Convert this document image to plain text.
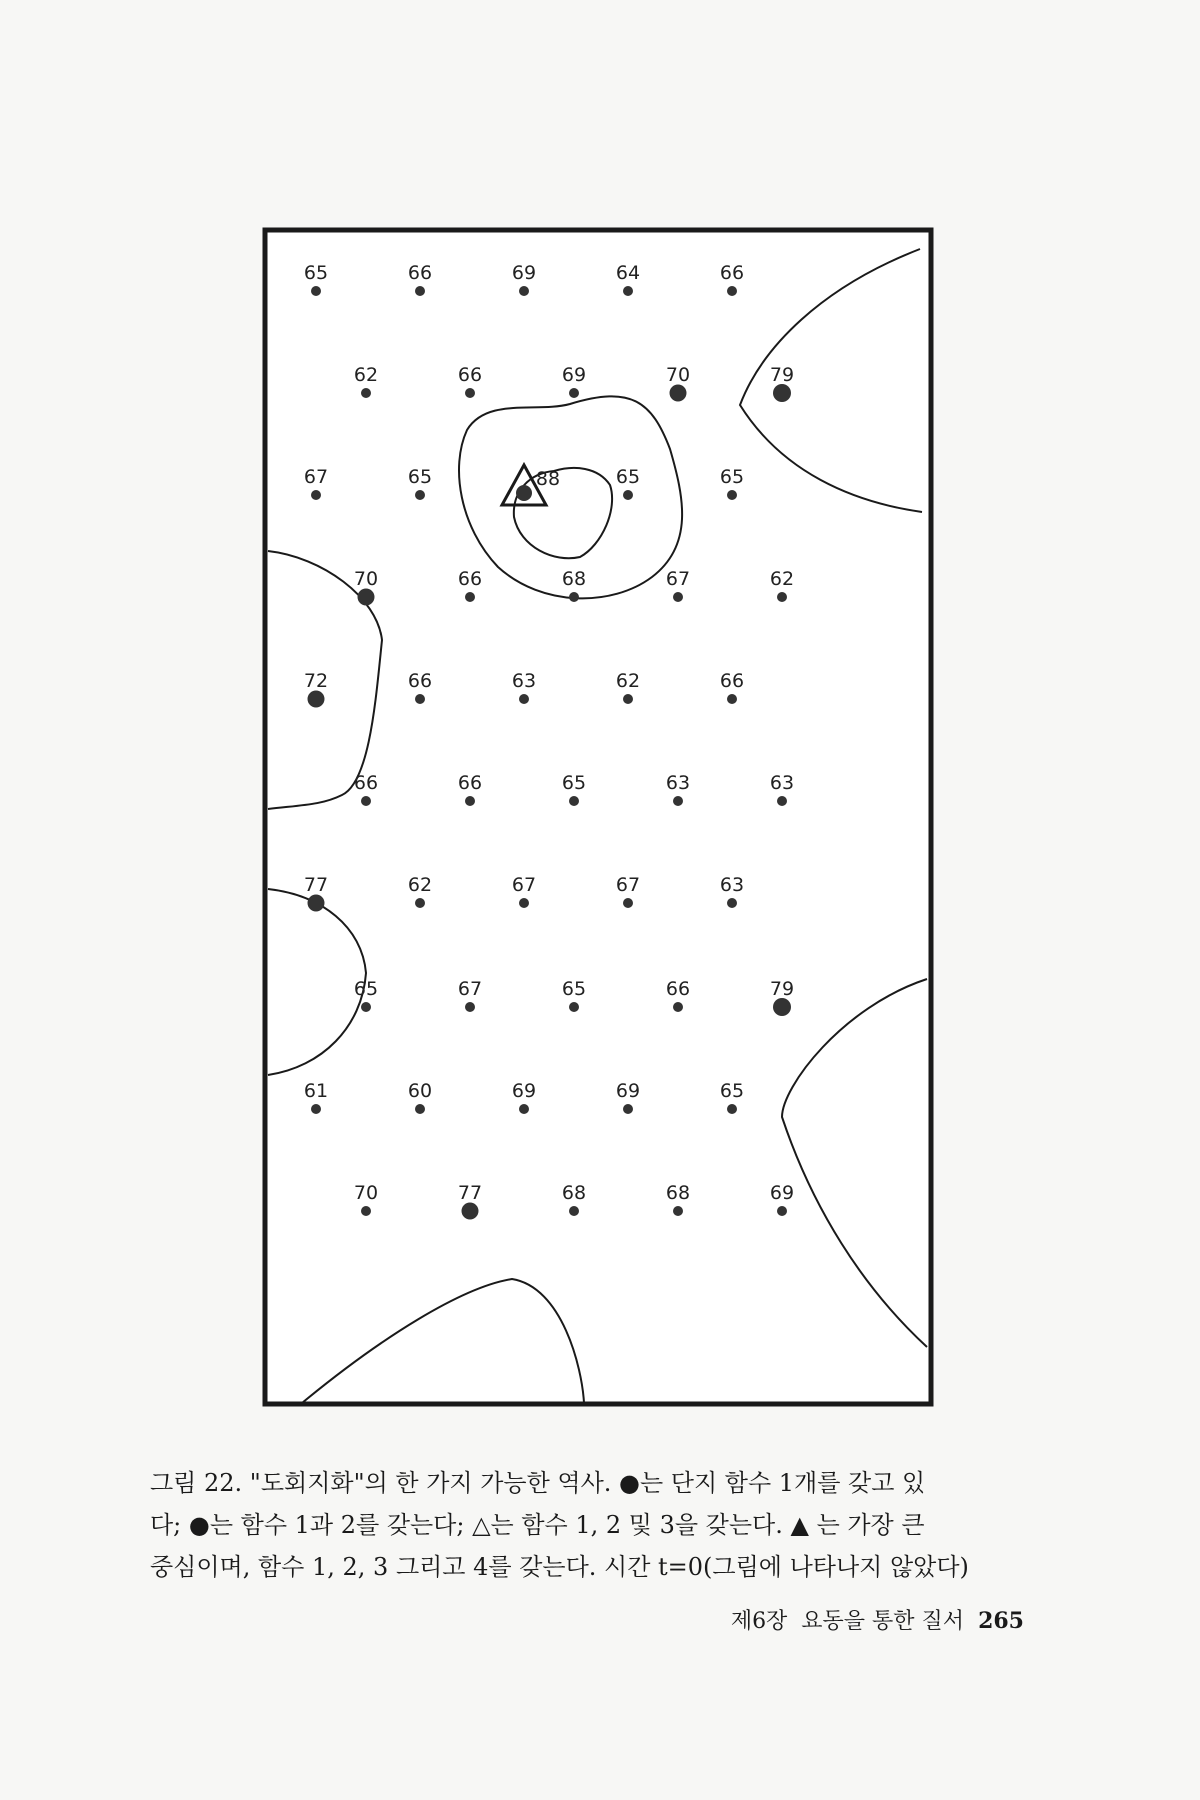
65	66	69	64	66
62	66	69	70	79
67	65	88	65	65
70	66	68	67	62
72	66	63	62	66
66	66	65	63	63
77	62	67	67	63
65	67	65	66	79
61	60	69	69	65
70	77	68	68	69
그림 22. "도회지화"의 한 가지 가능한 역사. ●는 단지 함수 1개를 갖고 있
다; ●는 함수 1과 2를 갖는다; △는 함수 1, 2 및 3을 갖는다. ▲ 는 가장 큰
중심이며, 함수 1, 2, 3 그리고 4를 갖는다. 시간 t=0(그림에 나타나지 않았다)
제6장  요동을 통한 질서 265
